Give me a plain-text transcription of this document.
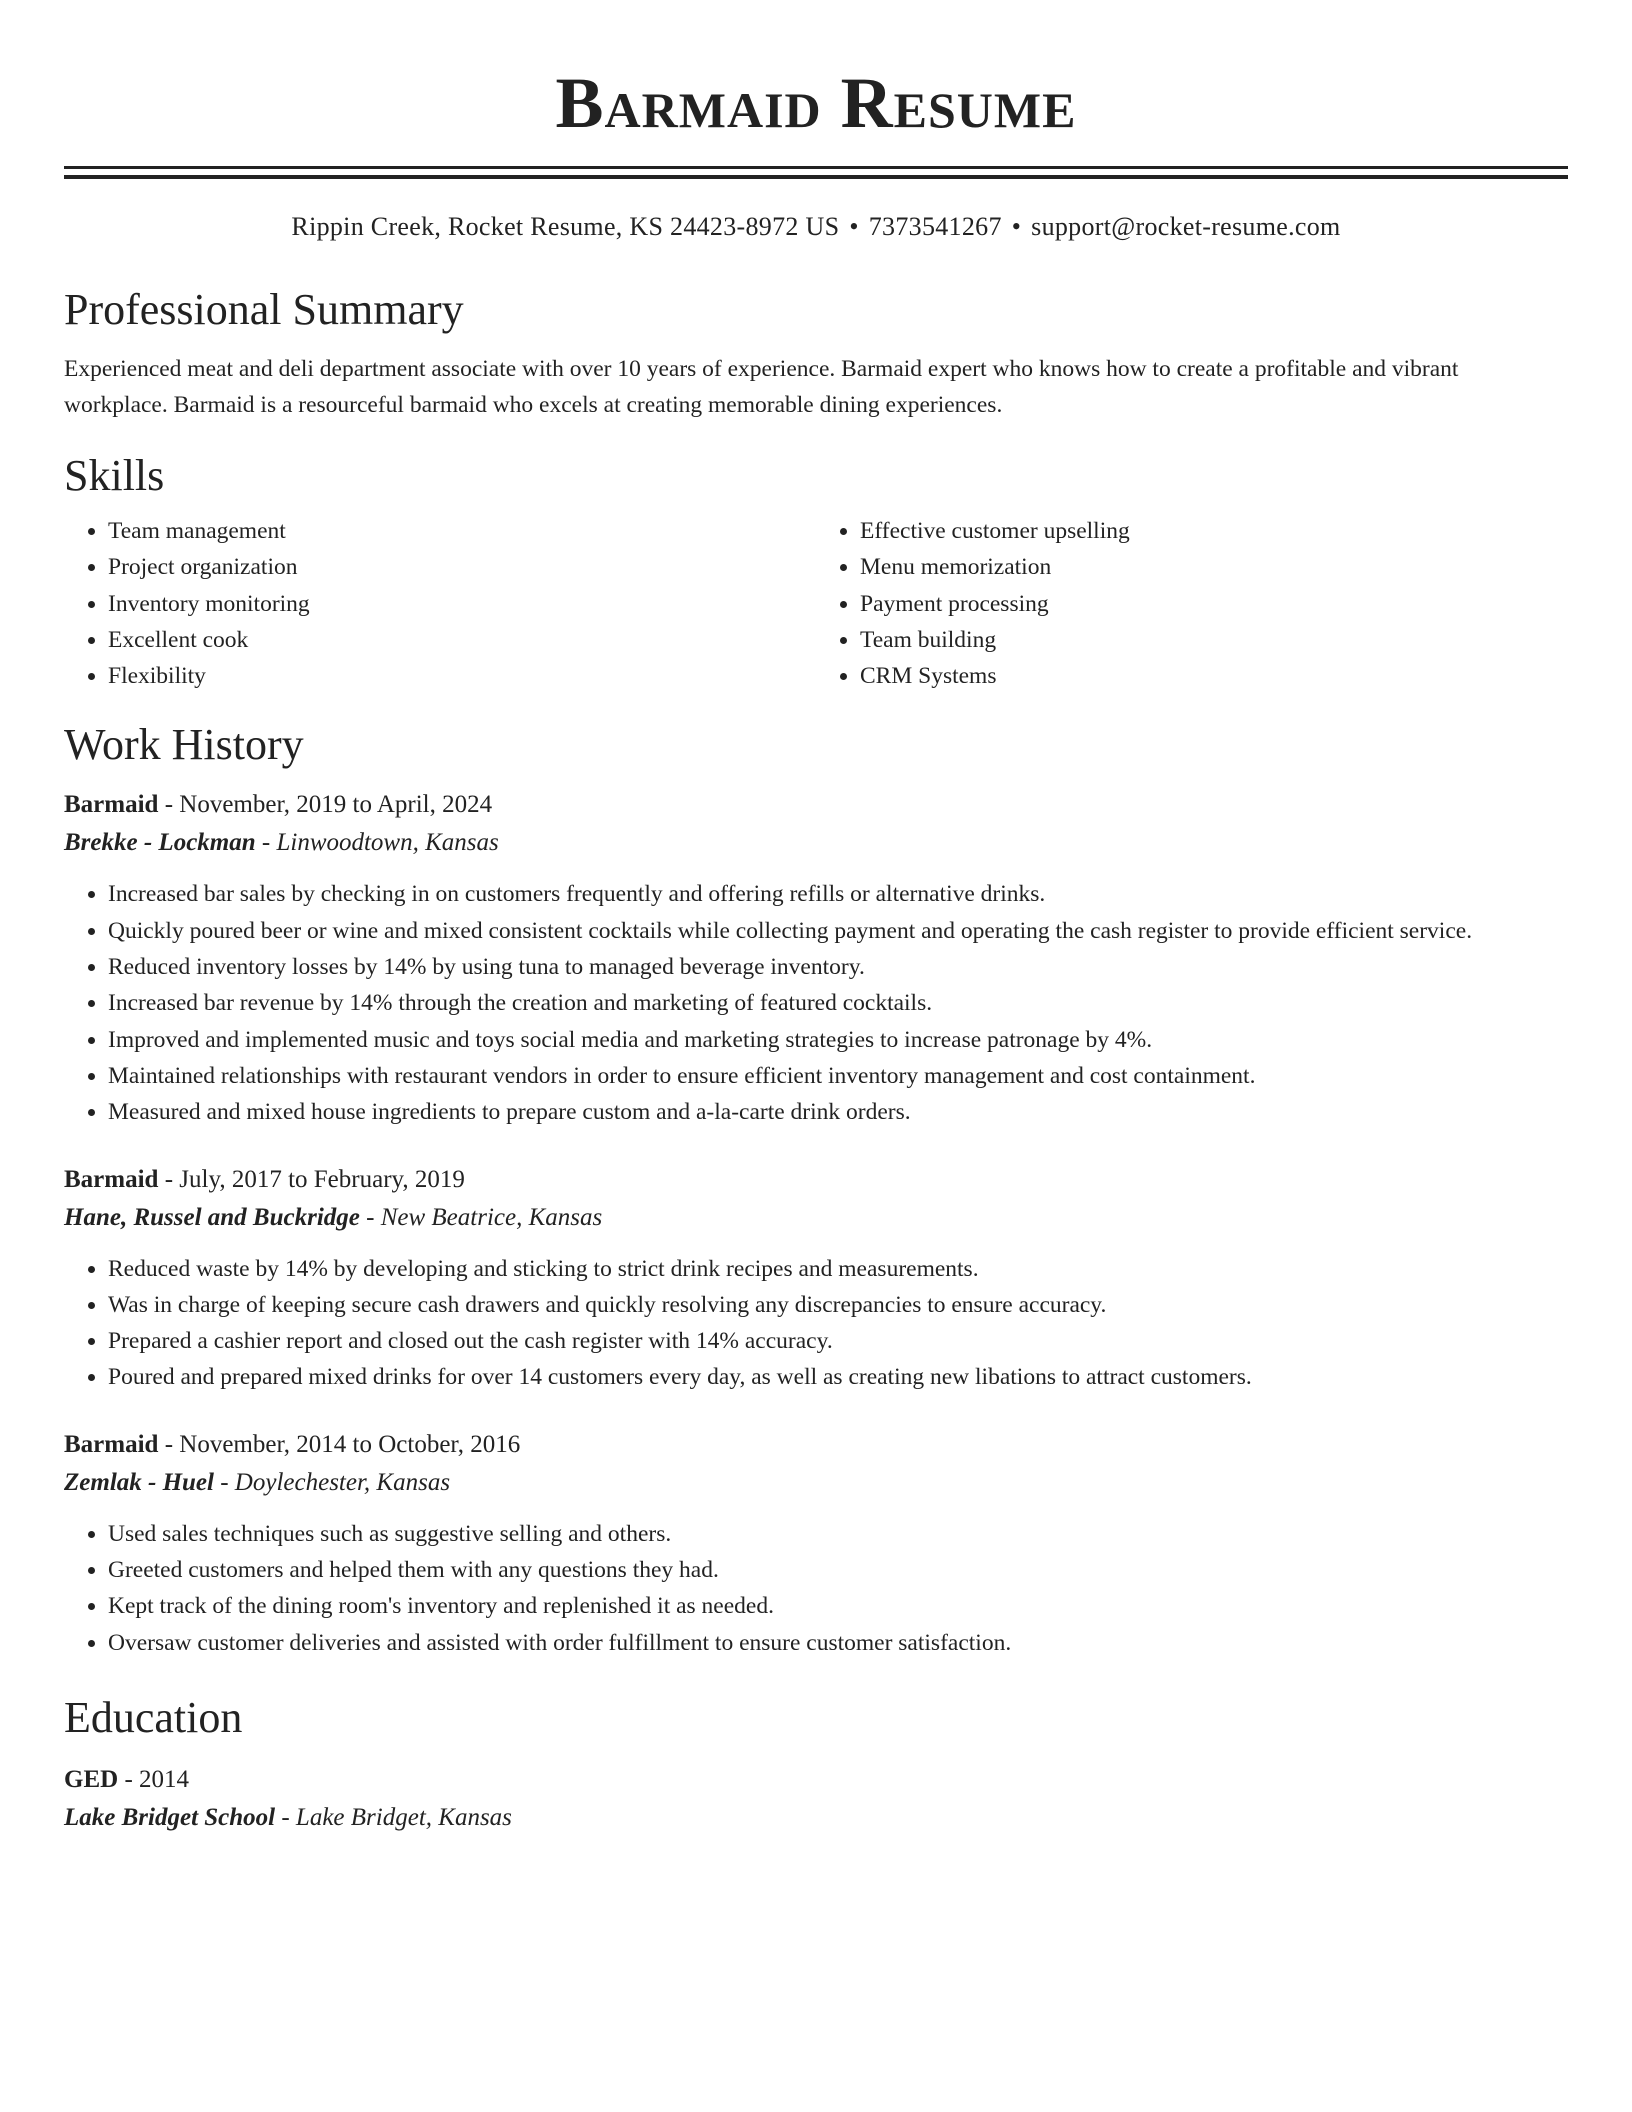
Barmaid Resume
Rippin Creek, Rocket Resume, KS 24423-8972 US • 7373541267 • support@rocket-resume.com
Professional Summary

Experienced meat and deli department associate with over 10 years of experience. Barmaid expert who knows how to create a profitable and vibrant workplace. Barmaid is a resourceful barmaid who excels at creating memorable dining experiences.

Skills
• Team management
• Project organization
• Inventory monitoring
• Excellent cook
• Flexibility
• Effective customer upselling
• Menu memorization
• Payment processing
• Team building
• CRM Systems
Work History
Barmaid - November, 2019 to April, 2024
Brekke - Lockman - Linwoodtown, Kansas
• Increased bar sales by checking in on customers frequently and offering refills or alternative drinks.
• Quickly poured beer or wine and mixed consistent cocktails while collecting payment and operating the cash register to provide efficient service.
• Reduced inventory losses by 14% by using tuna to managed beverage inventory.
• Increased bar revenue by 14% through the creation and marketing of featured cocktails.
• Improved and implemented music and toys social media and marketing strategies to increase patronage by 4%.
• Maintained relationships with restaurant vendors in order to ensure efficient inventory management and cost containment.
• Measured and mixed house ingredients to prepare custom and a-la-carte drink orders.
Barmaid - July, 2017 to February, 2019
Hane, Russel and Buckridge - New Beatrice, Kansas
• Reduced waste by 14% by developing and sticking to strict drink recipes and measurements.
• Was in charge of keeping secure cash drawers and quickly resolving any discrepancies to ensure accuracy.
• Prepared a cashier report and closed out the cash register with 14% accuracy.
• Poured and prepared mixed drinks for over 14 customers every day, as well as creating new libations to attract customers.
Barmaid - November, 2014 to October, 2016
Zemlak - Huel - Doylechester, Kansas
• Used sales techniques such as suggestive selling and others.
• Greeted customers and helped them with any questions they had.
• Kept track of the dining room's inventory and replenished it as needed.
• Oversaw customer deliveries and assisted with order fulfillment to ensure customer satisfaction.
Education
GED - 2014
Lake Bridget School - Lake Bridget, Kansas
